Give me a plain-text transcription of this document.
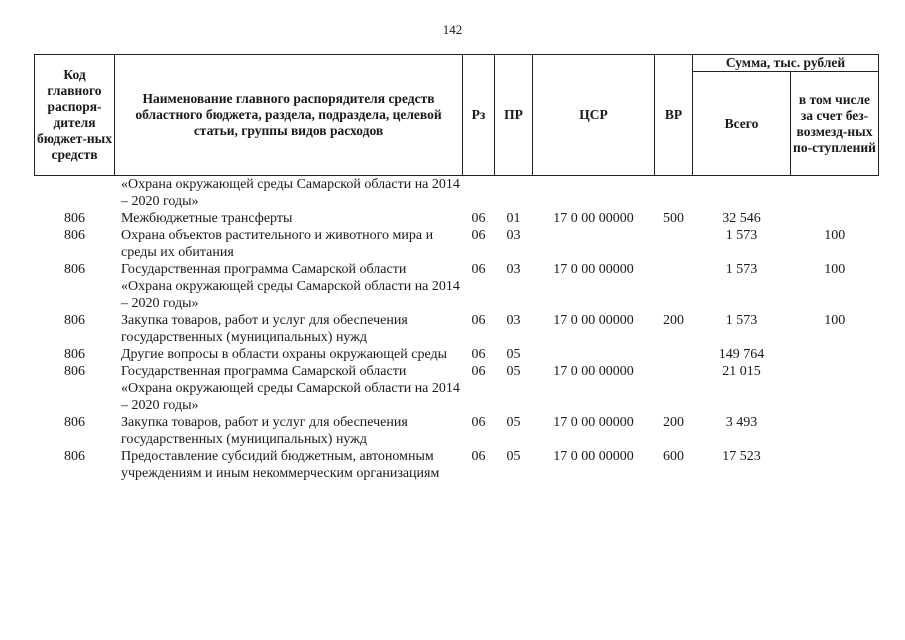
142
Код главного распоря-дителя бюджет-ных средств	Наименование главного распорядителя средств областного бюджета, раздела, подраздела, целевой статьи, группы видов расходов	Рз	ПР	ЦСР	ВР	Сумма, тыс. рублей	
						Всего	в том числе за счет без-возмезд-ных по-ступлений
	«Охрана окружающей среды Самарской области на 2014 – 2020 годы»						
806	Межбюджетные трансферты	06	01	17 0 00 00000	500	32 546	
806	Охрана объектов растительного и животного мира и среды их обитания	06	03			1 573	100
806	Государственная программа Самарской области «Охрана окружающей среды Самарской области на 2014 – 2020 годы»	06	03	17 0 00 00000		1 573	100
806	Закупка товаров, работ и услуг для обеспечения государственных (муниципальных) нужд	06	03	17 0 00 00000	200	1 573	100
806	Другие вопросы в области охраны окружающей среды	06	05			149 764	
806	Государственная программа Самарской области «Охрана окружающей среды Самарской области на 2014 – 2020 годы»	06	05	17 0 00 00000		21 015	
806	Закупка товаров, работ и услуг для обеспечения государственных (муниципальных) нужд	06	05	17 0 00 00000	200	3 493	
806	Предоставление субсидий бюджетным, автономным учреждениям и иным некоммерческим организациям	06	05	17 0 00 00000	600	17 523	
